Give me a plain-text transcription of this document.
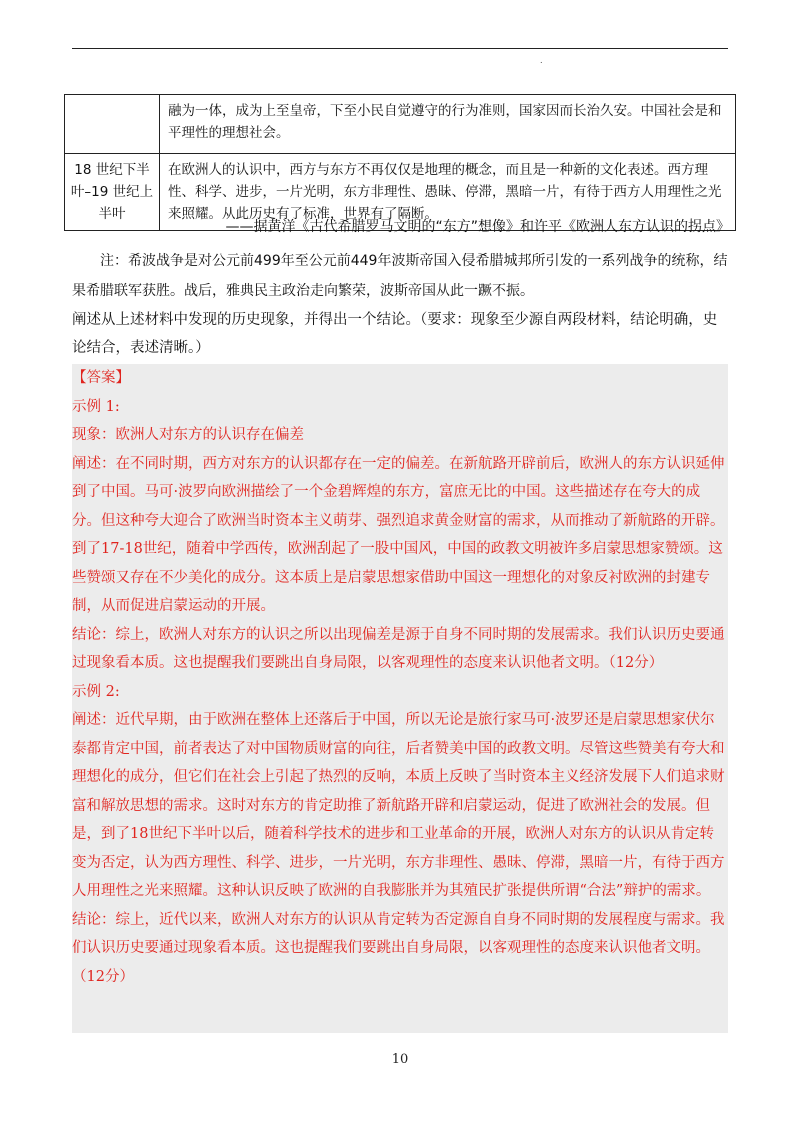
.
	融为一体，成为上至皇帝，下至小民自觉遵守的行为准则，国家因而长治久安。中国社会是和平理性的理想社会。
18 世纪下半叶–19 世纪上半叶	在欧洲人的认识中，西方与东方不再仅仅是地理的概念，而且是一种新的文化表述。西方理性、科学、进步，一片光明，东方非理性、愚昧、停滞，黑暗一片，有待于西方人用理性之光来照耀。从此历史有了标准，世界有了隔断。
——据黄洋《古代希腊罗马文明的“东方”想像》和许平《欧洲人东方认识的拐点》
注：希波战争是对公元前499年至公元前449年波斯帝国入侵希腊城邦所引发的一系列战争的统称，结果希腊联军获胜。战后，雅典民主政治走向繁荣，波斯帝国从此一蹶不振。
阐述从上述材料中发现的历史现象，并得出一个结论。（要求：现象至少源自两段材料，结论明确，史论结合，表述清晰。）

【答案】

示例 1:

现象：欧洲人对东方的认识存在偏差

阐述：在不同时期，西方对东方的认识都存在一定的偏差。在新航路开辟前后，欧洲人的东方认识延伸到了中国。马可·波罗向欧洲描绘了一个金碧辉煌的东方，富庶无比的中国。这些描述存在夸大的成分。但这种夸大迎合了欧洲当时资本主义萌芽、强烈追求黄金财富的需求，从而推动了新航路的开辟。到了17-18世纪，随着中学西传，欧洲刮起了一股中国风，中国的政教文明被许多启蒙思想家赞颂。这些赞颂又存在不少美化的成分。这本质上是启蒙思想家借助中国这一理想化的对象反衬欧洲的封建专制，从而促进启蒙运动的开展。

结论：综上，欧洲人对东方的认识之所以出现偏差是源于自身不同时期的发展需求。我们认识历史要通过现象看本质。这也提醒我们要跳出自身局限，以客观理性的态度来认识他者文明。（12分）

示例 2:

阐述：近代早期，由于欧洲在整体上还落后于中国，所以无论是旅行家马可·波罗还是启蒙思想家伏尔泰都肯定中国，前者表达了对中国物质财富的向往，后者赞美中国的政教文明。尽管这些赞美有夸大和理想化的成分，但它们在社会上引起了热烈的反响，本质上反映了当时资本主义经济发展下人们追求财富和解放思想的需求。这时对东方的肯定助推了新航路开辟和启蒙运动，促进了欧洲社会的发展。但是，到了18世纪下半叶以后，随着科学技术的进步和工业革命的开展，欧洲人对东方的认识从肯定转变为否定，认为西方理性、科学、进步，一片光明，东方非理性、愚昧、停滞，黑暗一片，有待于西方人用理性之光来照耀。这种认识反映了欧洲的自我膨胀并为其殖民扩张提供所谓“合法”辩护的需求。

结论：综上，近代以来，欧洲人对东方的认识从肯定转为否定源自自身不同时期的发展程度与需求。我们认识历史要通过现象看本质。这也提醒我们要跳出自身局限，以客观理性的态度来认识他者文明。（12分）

10
